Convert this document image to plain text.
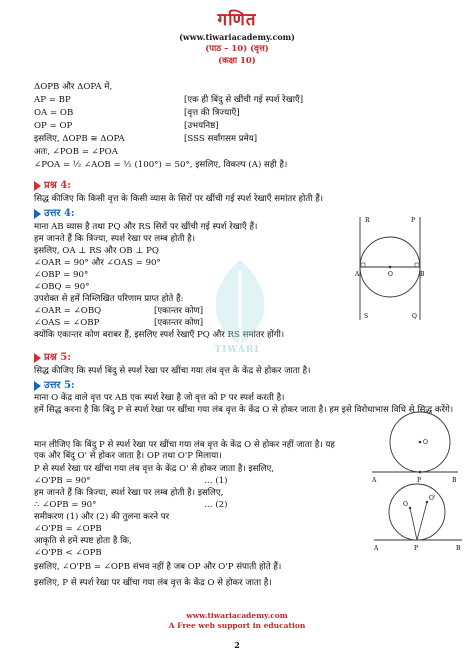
गणित
(www.tiwariacademy.com)
(पाठ – 10) (वृत्त)
(कक्षा 10)
ΔOPB और ΔOPA में,
AP = BP	[एक ही बिंदु से खींची गई स्पर्श रेखाएँ]
OA = OB	[वृत्त की त्रिज्याएँ]
OP = OP	[उभयनिष्ठ]
इसलिए, ΔOPB ≅ ΔOPA	[SSS सर्वांगसम प्रमेय]
अतः, ∠POB = ∠POA
∠POA = ½ ∠AOB = ½ (100°) = 50°, इसलिए, विकल्प (A) सही है।
प्रश्न 4:
सिद्ध कीजिए कि किसी वृत्त के किसी व्यास के सिरों पर खींची गई स्पर्श रेखाएँ समांतर होती हैं।
उत्तर 4:
माना AB व्यास है तथा PQ और RS सिरों पर खींची गई स्पर्श रेखाएँ हैं।
हम जानते हैं कि त्रिज्या, स्पर्श रेखा पर लम्ब होती है।
इसलिए, OA ⊥ RS और OB ⊥ PQ
∠OAR = 90° और ∠OAS = 90°
∠OBP = 90°
∠OBQ = 90°
उपरोक्त से हमें निम्लिखित परिणाम प्राप्त होते हैं:
∠OAR = ∠OBQ	[एकान्तर कोण]
∠OAS = ∠OBP	[एकान्तर कोण]
क्योंकि एकान्तर कोण बराबर हैं, इसलिए स्पर्श रेखाएँ PQ और RS समांतर होंगी।
R	P
A	O	B
S	Q
TIWARI
प्रश्न 5:
सिद्ध कीजिए कि स्पर्श बिंदु से स्पर्श रेखा पर खींचा गया लंब वृत्त के केंद्र से होकर जाता है।
उत्तर 5:
माना O केंद्र वाले वृत्त पर AB एक स्पर्श रेखा है जो वृत्त को P पर स्पर्श करती है।
हमें सिद्ध करना है कि बिंदु P से स्पर्श रेखा पर खींचा गया लंब वृत्त के केंद्र O से होकर जाता है। हम इसे विरोधाभास विधि से सिद्ध करेंगे।
O
A	P	B
मान लीजिए कि बिंदु P से स्पर्श रेखा पर खींचा गया लंब वृत्त के केंद्र O से होकर नहीं जाता है। यह एक और बिंदु O' से होकर जाता है। OP तथा O'P मिलाया।
P से स्पर्श रेखा पर खींचा गया लंब वृत्त के केंद्र O' से होकर जाता है। इसलिए,
∠O'PB = 90°	… (1)
हम जानते हैं कि त्रिज्या, स्पर्श रेखा पर लम्ब होती है। इसलिए,
∴ ∠OPB = 90°	… (2)
समीकरण (1) और (2) की तुलना करने पर
∠O'PB = ∠OPB
आकृति से हमें स्पष्ट होता है कि,
∠O'PB < ∠OPB
इसलिए, ∠O'PB = ∠OPB संभव नहीं है जब OP और O'P संपाती होते हैं।
इसलिए, P से स्पर्श रेखा पर खींचा गया लंब वृत्त के केंद्र O से होकर जाता है।
O
O'
A	P	B
www.tiwariacademy.com
A Free web support in education
2
